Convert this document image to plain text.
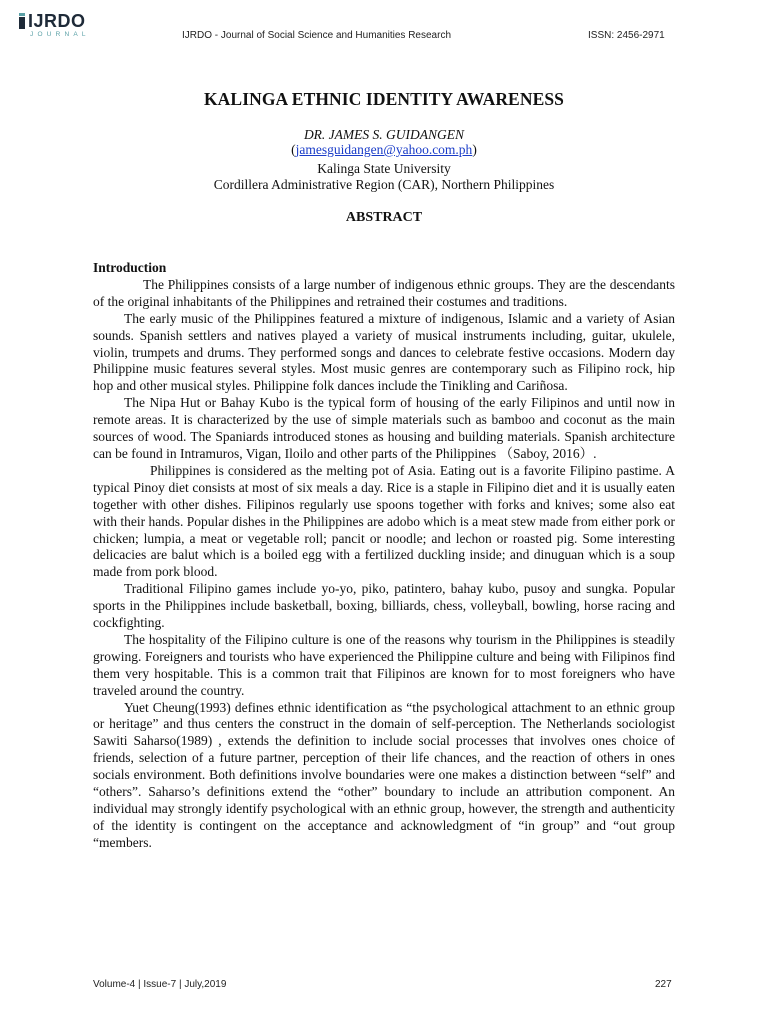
IJRDO
JOURNAL	IJRDO - Journal of Social Science and Humanities Research	ISSN: 2456-2971
KALINGA ETHNIC IDENTITY AWARENESS
DR. JAMES S. GUIDANGEN
(jamesguidangen@yahoo.com.ph)
Kalinga State University
Cordillera Administrative Region (CAR), Northern Philippines
ABSTRACT
Introduction

The Philippines consists of a large number of indigenous ethnic groups. They are the descendants of the original inhabitants of the Philippines and retrained their costumes and traditions.

The early music of the Philippines featured a mixture of indigenous, Islamic and a variety of Asian sounds. Spanish settlers and natives played a variety of musical instruments including, guitar, ukulele, violin, trumpets and drums. They performed songs and dances to celebrate festive occasions. Modern day Philippine music features several styles. Most music genres are contemporary such as Filipino rock, hip hop and other musical styles. Philippine folk dances include the Tinikling and Cariñosa.

The Nipa Hut or Bahay Kubo is the typical form of housing of the early Filipinos and until now in remote areas. It is characterized by the use of simple materials such as bamboo and coconut as the main sources of wood. The Spaniards introduced stones as housing and building materials. Spanish architecture can be found in Intramuros, Vigan, Iloilo and other parts of the Philippines （Saboy, 2016）.

Philippines is considered as the melting pot of Asia. Eating out is a favorite Filipino pastime. A typical Pinoy diet consists at most of six meals a day. Rice is a staple in Filipino diet and it is usually eaten together with other dishes. Filipinos regularly use spoons together with forks and knives; some also eat with their hands. Popular dishes in the Philippines are adobo which is a meat stew made from either pork or chicken; lumpia, a meat or vegetable roll; pancit or noodle; and lechon or roasted pig. Some interesting delicacies are balut which is a boiled egg with a fertilized duckling inside; and dinuguan which is a soup made from pork blood.

Traditional Filipino games include yo-yo, piko, patintero, bahay kubo, pusoy and sungka. Popular sports in the Philippines include basketball, boxing, billiards, chess, volleyball, bowling, horse racing and cockfighting.

The hospitality of the Filipino culture is one of the reasons why tourism in the Philippines is steadily growing. Foreigners and tourists who have experienced the Philippine culture and being with Filipinos find them very hospitable. This is a common trait that Filipinos are known for to most foreigners who have traveled around the country.

Yuet Cheung(1993) defines ethnic identification as “the psychological attachment to an ethnic group or heritage” and thus centers the construct in the domain of self-perception. The Netherlands sociologist Sawiti Saharso(1989) , extends the definition to include social processes that involves ones choice of friends, selection of a future partner, perception of their life chances, and the reaction of others in ones socials environment. Both definitions involve boundaries were one makes a distinction between “self” and “others”. Saharso’s definitions extend the “other” boundary to include an attribution component. An individual may strongly identify psychological with an ethnic group, however, the strength and authenticity of the identity is contingent on the acceptance and acknowledgment of “in group” and “out group “members.

Volume-4 | Issue-7 | July,2019	227
